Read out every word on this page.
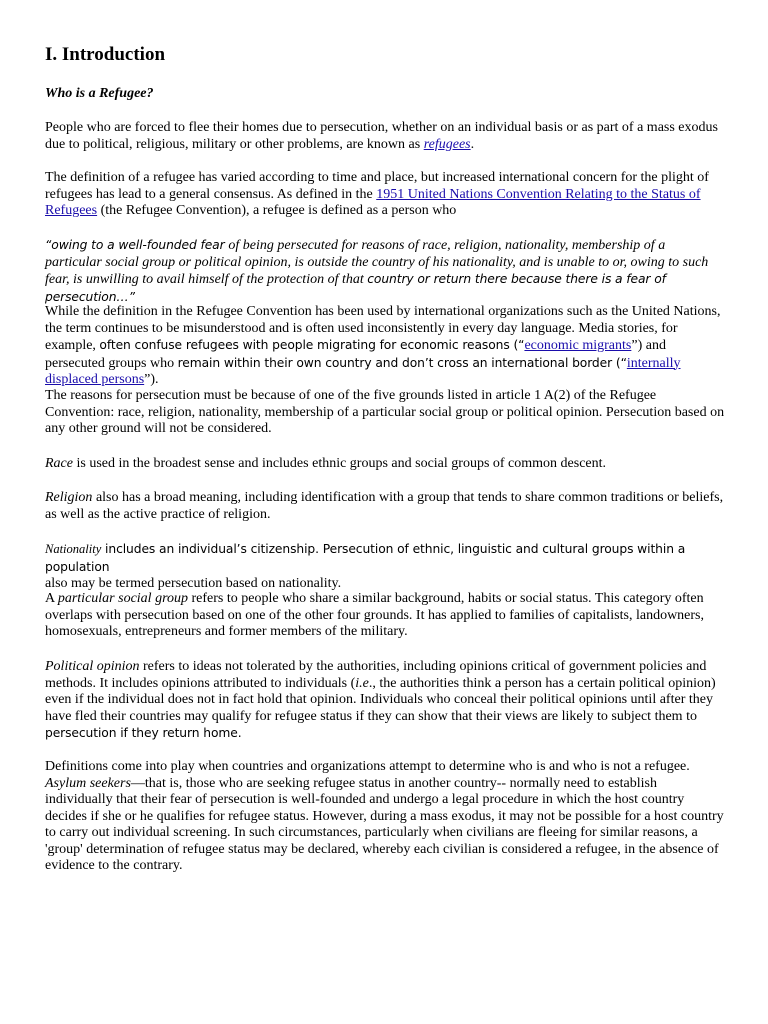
I. Introduction

Who is a Refugee?

People who are forced to flee their homes due to persecution, whether on an individual basis or as part of a mass exodus due to political, religious, military or other problems, are known as refugees.

The definition of a refugee has varied according to time and place, but increased international concern for the plight of refugees has lead to a general consensus. As defined in the 1951 United Nations Convention Relating to the Status of Refugees (the Refugee Convention), a refugee is defined as a person who

“owing to a well-founded fear of being persecuted for reasons of race, religion, nationality, membership of a particular social group or political opinion, is outside the country of his nationality, and is unable to or, owing to such fear, is unwilling to avail himself of the protection of that country or return there because there is a fear of persecution…”

While the definition in the Refugee Convention has been used by international organizations such as the United Nations, the term continues to be misunderstood and is often used inconsistently in every day language. Media stories, for example, often confuse refugees with people migrating for economic reasons (“economic migrants”) and persecuted groups who remain within their own country and don’t cross an international border (“internally displaced persons”).

The reasons for persecution must be because of one of the five grounds listed in article 1 A(2) of the Refugee Convention: race, religion, nationality, membership of a particular social group or political opinion. Persecution based on any other ground will not be considered.

Race is used in the broadest sense and includes ethnic groups and social groups of common descent.

Religion also has a broad meaning, including identification with a group that tends to share common traditions or beliefs, as well as the active practice of religion.

Nationality includes an individual’s citizenship. Persecution of ethnic, linguistic and cultural groups within a population
also may be termed persecution based on nationality.

A particular social group refers to people who share a similar background, habits or social status. This category often overlaps with persecution based on one of the other four grounds. It has applied to families of capitalists, landowners, homosexuals, entrepreneurs and former members of the military.

Political opinion refers to ideas not tolerated by the authorities, including opinions critical of government policies and methods. It includes opinions attributed to individuals (i.e., the authorities think a person has a certain political opinion) even if the individual does not in fact hold that opinion. Individuals who conceal their political opinions until after they have fled their countries may qualify for refugee status if they can show that their views are likely to subject them to persecution if they return home.

Definitions come into play when countries and organizations attempt to determine who is and who is not a refugee. Asylum seekers—that is, those who are seeking refugee status in another country-- normally need to establish individually that their fear of persecution is well-founded and undergo a legal procedure in which the host country decides if she or he qualifies for refugee status. However, during a mass exodus, it may not be possible for a host country to carry out individual screening. In such circumstances, particularly when civilians are fleeing for similar reasons, a 'group' determination of refugee status may be declared, whereby each civilian is considered a refugee, in the absence of evidence to the contrary.
